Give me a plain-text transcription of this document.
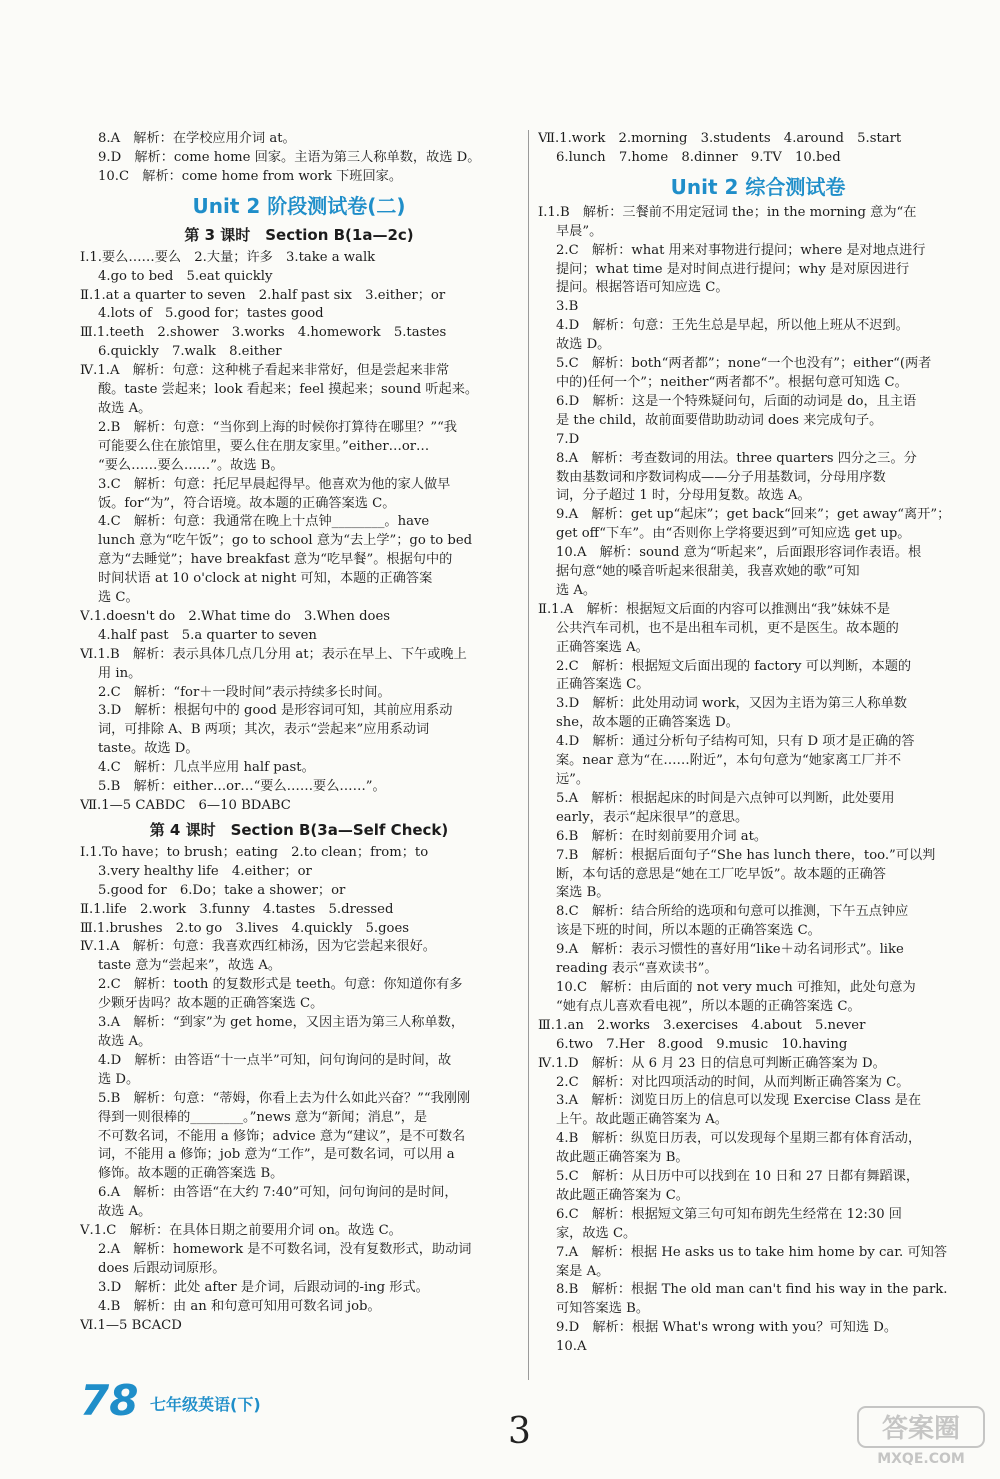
8.A　解析：在学校应用介词 at。
9.D　解析：come home 回家。主语为第三人称单数，故选 D。
10.C　解析：come home from work 下班回家。
Unit 2 阶段测试卷(二)
第 3 课时　Section B(1a—2c)
Ⅰ.1.要么……要么　2.大量；许多　3.take a walk
4.go to bed　5.eat quickly
Ⅱ.1.at a quarter to seven　2.half past six　3.either；or
4.lots of　5.good for；tastes good
Ⅲ.1.teeth　2.shower　3.works　4.homework　5.tastes
6.quickly　7.walk　8.either
Ⅳ.1.A　解析：句意：这种桃子看起来非常好，但是尝起来非常
酸。taste 尝起来；look 看起来；feel 摸起来；sound 听起来。
故选 A。
2.B　解析：句意：“当你到上海的时候你打算待在哪里？”“我
可能要么住在旅馆里，要么住在朋友家里。”either…or…
“要么……要么……”。故选 B。
3.C　解析：句意：托尼早晨起得早。他喜欢为他的家人做早
饭。for“为”，符合语境。故本题的正确答案选 C。
4.C　解析：句意：我通常在晚上十点钟________。have
lunch 意为“吃午饭”；go to school 意为“去上学”；go to bed
意为“去睡觉”；have breakfast 意为“吃早餐”。根据句中的
时间状语 at 10 o'clock at night 可知，本题的正确答案
选 C。
Ⅴ.1.doesn't do　2.What time do　3.When does
4.half past　5.a quarter to seven
Ⅵ.1.B　解析：表示具体几点几分用 at；表示在早上、下午或晚上
用 in。
2.C　解析：“for＋一段时间”表示持续多长时间。
3.D　解析：根据句中的 good 是形容词可知，其前应用系动
词，可排除 A、B 两项；其次，表示“尝起来”应用系动词
taste。故选 D。
4.C　解析：几点半应用 half past。
5.B　解析：either…or…“要么……要么……”。
Ⅶ.1—5 CABDC　6—10 BDABC
第 4 课时　Section B(3a—Self Check)
Ⅰ.1.To have；to brush；eating　2.to clean；from；to
3.very healthy life　4.either；or
5.good for　6.Do；take a shower；or
Ⅱ.1.life　2.work　3.funny　4.tastes　5.dressed
Ⅲ.1.brushes　2.to go　3.lives　4.quickly　5.goes
Ⅳ.1.A　解析：句意：我喜欢西红柿汤，因为它尝起来很好。
taste 意为“尝起来”，故选 A。
2.C　解析：tooth 的复数形式是 teeth。句意：你知道你有多
少颗牙齿吗？故本题的正确答案选 C。
3.A　解析：“到家”为 get home，又因主语为第三人称单数，
故选 A。
4.D　解析：由答语“十一点半”可知，问句询问的是时间，故
选 D。
5.B　解析：句意：“蒂姆，你看上去为什么如此兴奋？”“我刚刚
得到一则很棒的________。”news 意为“新闻；消息”，是
不可数名词，不能用 a 修饰；advice 意为“建议”，是不可数名
词，不能用 a 修饰；job 意为“工作”，是可数名词，可以用 a
修饰。故本题的正确答案选 B。
6.A　解析：由答语“在大约 7:40”可知，问句询问的是时间，
故选 A。
Ⅴ.1.C　解析：在具体日期之前要用介词 on。故选 C。
2.A　解析：homework 是不可数名词，没有复数形式，助动词
does 后跟动词原形。
3.D　解析：此处 after 是介词，后跟动词的-ing 形式。
4.B　解析：由 an 和句意可知用可数名词 job。
Ⅵ.1—5 BCACD
Ⅶ.1.work　2.morning　3.students　4.around　5.start
6.lunch　7.home　8.dinner　9.TV　10.bed
Unit 2 综合测试卷
Ⅰ.1.B　解析：三餐前不用定冠词 the；in the morning 意为“在
早晨”。
2.C　解析：what 用来对事物进行提问；where 是对地点进行
提问；what time 是对时间点进行提问；why 是对原因进行
提问。根据答语可知应选 C。
3.B
4.D　解析：句意：王先生总是早起，所以他上班从不迟到。
故选 D。
5.C　解析：both“两者都”；none“一个也没有”；either“(两者
中的)任何一个”；neither“两者都不”。根据句意可知选 C。
6.D　解析：这是一个特殊疑问句，后面的动词是 do，且主语
是 the child，故前面要借助助动词 does 来完成句子。
7.D
8.A　解析：考查数词的用法。three quarters 四分之三。分
数由基数词和序数词构成——分子用基数词，分母用序数
词，分子超过 1 时，分母用复数。故选 A。
9.A　解析：get up“起床”；get back“回来”；get away“离开”；
get off“下车”。由“否则你上学将要迟到”可知应选 get up。
10.A　解析：sound 意为“听起来”，后面跟形容词作表语。根
据句意“她的嗓音听起来很甜美，我喜欢她的歌”可知
选 A。
Ⅱ.1.A　解析：根据短文后面的内容可以推测出“我”妹妹不是
公共汽车司机，也不是出租车司机，更不是医生。故本题的
正确答案选 A。
2.C　解析：根据短文后面出现的 factory 可以判断，本题的
正确答案选 C。
3.D　解析：此处用动词 work，又因为主语为第三人称单数
she，故本题的正确答案选 D。
4.D　解析：通过分析句子结构可知，只有 D 项才是正确的答
案。near 意为“在……附近”，本句句意为“她家离工厂并不
远”。
5.A　解析：根据起床的时间是六点钟可以判断，此处要用
early，表示“起床很早”的意思。
6.B　解析：在时刻前要用介词 at。
7.B　解析：根据后面句子“She has lunch there，too.”可以判
断，本句话的意思是“她在工厂吃早饭”。故本题的正确答
案选 B。
8.C　解析：结合所给的选项和句意可以推测，下午五点钟应
该是下班的时间，所以本题的正确答案选 C。
9.A　解析：表示习惯性的喜好用“like＋动名词形式”。like
reading 表示“喜欢读书”。
10.C　解析：由后面的 not very much 可推知，此处句意为
“她有点儿喜欢看电视”，所以本题的正确答案选 C。
Ⅲ.1.an　2.works　3.exercises　4.about　5.never
6.two　7.Her　8.good　9.music　10.having
Ⅳ.1.D　解析：从 6 月 23 日的信息可判断正确答案为 D。
2.C　解析：对比四项活动的时间，从而判断正确答案为 C。
3.A　解析：浏览日历上的信息可以发现 Exercise Class 是在
上午。故此题正确答案为 A。
4.B　解析：纵览日历表，可以发现每个星期三都有体育活动，
故此题正确答案为 B。
5.C　解析：从日历中可以找到在 10 日和 27 日都有舞蹈课，
故此题正确答案为 C。
6.C　解析：根据短文第三句可知布朗先生经常在 12:30 回
家，故选 C。
7.A　解析：根据 He asks us to take him home by car. 可知答
案是 A。
8.B　解析：根据 The old man can't find his way in the park.
可知答案选 B。
9.D　解析：根据 What's wrong with you？可知选 D。
10.A
78 七年级英语(下)
3	答案圈
MXQE.COM
